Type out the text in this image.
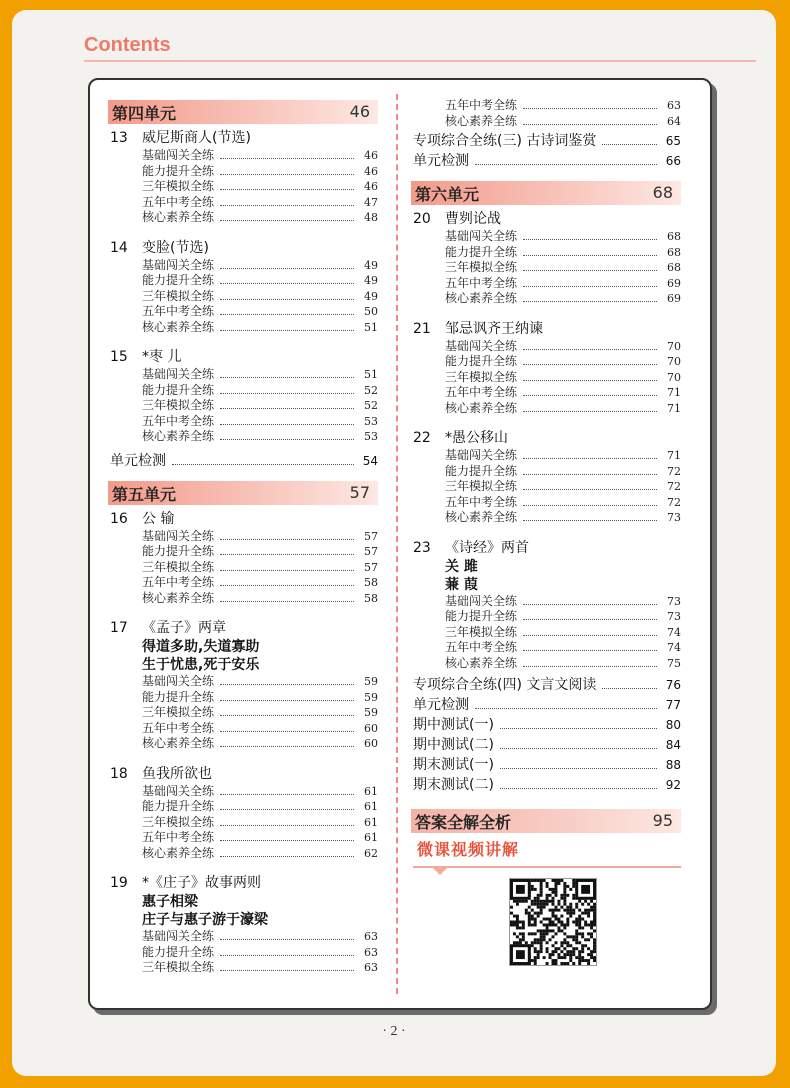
Contents
第四单元	46
13	威尼斯商人(节选)
基础闯关全练	46
能力提升全练	46
三年模拟全练	46
五年中考全练	47
核心素养全练	48
14	变脸(节选)
基础闯关全练	49
能力提升全练	49
三年模拟全练	49
五年中考全练	50
核心素养全练	51
15	*枣 儿
基础闯关全练	51
能力提升全练	52
三年模拟全练	52
五年中考全练	53
核心素养全练	53
单元检测	54
第五单元	57
16	公 输
基础闯关全练	57
能力提升全练	57
三年模拟全练	57
五年中考全练	58
核心素养全练	58
17	《孟子》两章
得道多助,失道寡助
生于忧患,死于安乐
基础闯关全练	59
能力提升全练	59
三年模拟全练	59
五年中考全练	60
核心素养全练	60
18	鱼我所欲也
基础闯关全练	61
能力提升全练	61
三年模拟全练	61
五年中考全练	61
核心素养全练	62
19	*《庄子》故事两则
惠子相梁
庄子与惠子游于濠梁
基础闯关全练	63
能力提升全练	63
三年模拟全练	63
五年中考全练	63
核心素养全练	64
专项综合全练(三) 古诗词鉴赏	65
单元检测	66
第六单元	68
20	曹刿论战
基础闯关全练	68
能力提升全练	68
三年模拟全练	68
五年中考全练	69
核心素养全练	69
21	邹忌讽齐王纳谏
基础闯关全练	70
能力提升全练	70
三年模拟全练	70
五年中考全练	71
核心素养全练	71
22	*愚公移山
基础闯关全练	71
能力提升全练	72
三年模拟全练	72
五年中考全练	72
核心素养全练	73
23	《诗经》两首
关 雎
蒹 葭
基础闯关全练	73
能力提升全练	73
三年模拟全练	74
五年中考全练	74
核心素养全练	75
专项综合全练(四) 文言文阅读	76
单元检测	77
期中测试(一)	80
期中测试(二)	84
期末测试(一)	88
期末测试(二)	92
答案全解全析	95
微课视频讲解
· 2 ·
